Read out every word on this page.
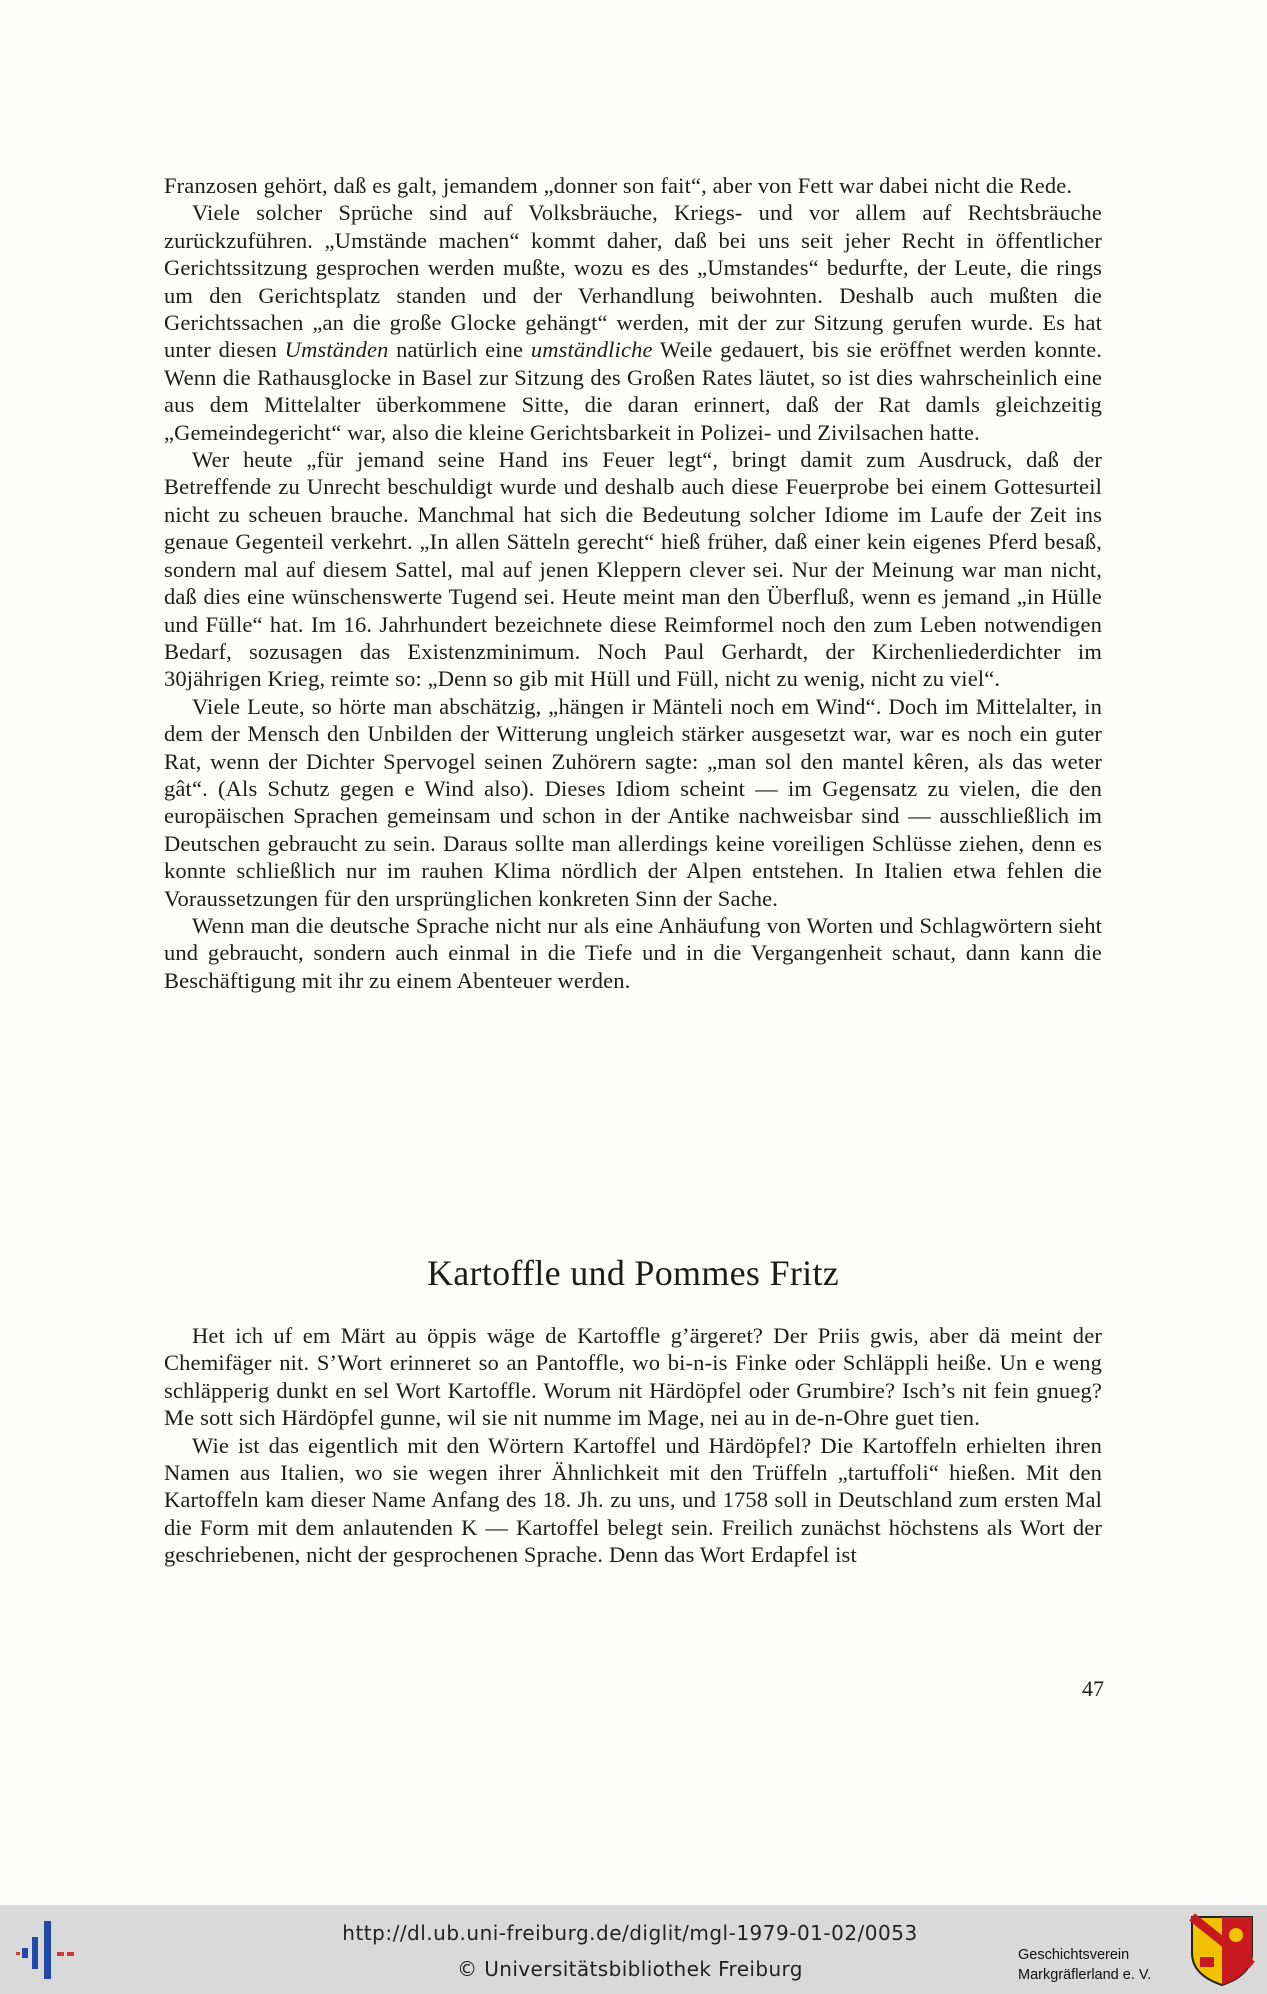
Franzosen gehört, daß es galt, jemandem „donner son fait“, aber von Fett war dabei nicht die Rede.

Viele solcher Sprüche sind auf Volksbräuche, Kriegs- und vor allem auf Rechtsbräuche zurückzuführen. „Umstände machen“ kommt daher, daß bei uns seit jeher Recht in öffentlicher Gerichtssitzung gesprochen werden mußte, wozu es des „Umstandes“ bedurfte, der Leute, die rings um den Gerichtsplatz standen und der Verhandlung beiwohnten. Deshalb auch mußten die Gerichtssachen „an die große Glocke gehängt“ werden, mit der zur Sitzung gerufen wurde. Es hat unter diesen Umständen natürlich eine umständliche Weile gedauert, bis sie eröffnet werden konnte. Wenn die Rathausglocke in Basel zur Sitzung des Großen Rates läutet, so ist dies wahrscheinlich eine aus dem Mittelalter überkommene Sitte, die daran erinnert, daß der Rat damls gleichzeitig „Gemeindegericht“ war, also die kleine Gerichtsbarkeit in Polizei- und Zivilsachen hatte.

Wer heute „für jemand seine Hand ins Feuer legt“, bringt damit zum Ausdruck, daß der Betreffende zu Unrecht beschuldigt wurde und deshalb auch diese Feuerprobe bei einem Gottesurteil nicht zu scheuen brauche. Manchmal hat sich die Bedeutung solcher Idiome im Laufe der Zeit ins genaue Gegenteil verkehrt. „In allen Sätteln gerecht“ hieß früher, daß einer kein eigenes Pferd besaß, sondern mal auf diesem Sattel, mal auf jenen Kleppern clever sei. Nur der Meinung war man nicht, daß dies eine wünschenswerte Tugend sei. Heute meint man den Überfluß, wenn es jemand „in Hülle und Fülle“ hat. Im 16. Jahrhundert bezeichnete diese Reimformel noch den zum Leben notwendigen Bedarf, sozusagen das Existenzminimum. Noch Paul Gerhardt, der Kirchenliederdichter im 30jährigen Krieg, reimte so: „Denn so gib mit Hüll und Füll, nicht zu wenig, nicht zu viel“.

Viele Leute, so hörte man abschätzig, „hängen ir Mänteli noch em Wind“. Doch im Mittelalter, in dem der Mensch den Unbilden der Witterung ungleich stärker ausgesetzt war, war es noch ein guter Rat, wenn der Dichter Spervogel seinen Zuhörern sagte: „man sol den mantel kêren, als das weter gât“. (Als Schutz gegen e Wind also). Dieses Idiom scheint — im Gegensatz zu vielen, die den europäischen Sprachen gemeinsam und schon in der Antike nachweisbar sind — ausschließlich im Deutschen gebraucht zu sein. Daraus sollte man allerdings keine voreiligen Schlüsse ziehen, denn es konnte schließlich nur im rauhen Klima nördlich der Alpen entstehen. In Italien etwa fehlen die Voraussetzungen für den ursprünglichen konkreten Sinn der Sache.

Wenn man die deutsche Sprache nicht nur als eine Anhäufung von Worten und Schlagwörtern sieht und gebraucht, sondern auch einmal in die Tiefe und in die Vergangenheit schaut, dann kann die Beschäftigung mit ihr zu einem Abenteuer werden.

Kartoffle und Pommes Fritz

Het ich uf em Märt au öppis wäge de Kartoffle g’ärgeret? Der Priis gwis, aber dä meint der Chemifäger nit. S’Wort erinneret so an Pantoffle, wo bi-n-is Finke oder Schläppli heiße. Un e weng schläpperig dunkt en sel Wort Kartoffle. Worum nit Härdöpfel oder Grumbire? Isch’s nit fein gnueg? Me sott sich Härdöpfel gunne, wil sie nit numme im Mage, nei au in de-n-Ohre guet tien.

Wie ist das eigentlich mit den Wörtern Kartoffel und Härdöpfel? Die Kartoffeln erhielten ihren Namen aus Italien, wo sie wegen ihrer Ähnlichkeit mit den Trüffeln „tartuffoli“ hießen. Mit den Kartoffeln kam dieser Name Anfang des 18. Jh. zu uns, und 1758 soll in Deutschland zum ersten Mal die Form mit dem anlautenden K — Kartoffel belegt sein. Freilich zunächst höchstens als Wort der geschriebenen, nicht der gesprochenen Sprache. Denn das Wort Erdapfel ist

47
http://dl.ub.uni-freiburg.de/diglit/mgl-1979-01-02/0053
© Universitätsbibliothek Freiburg
Geschichtsverein
Markgräflerland e. V.
